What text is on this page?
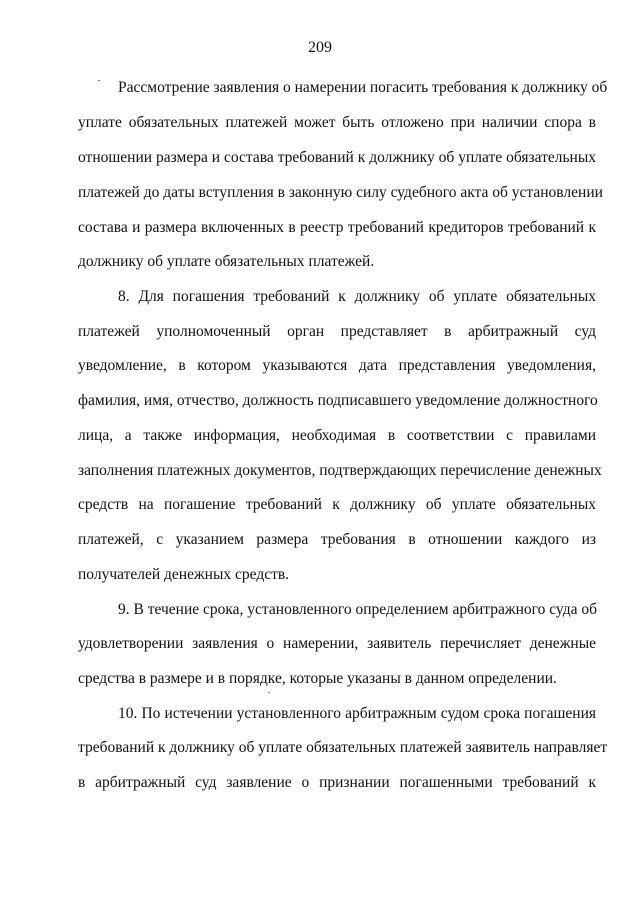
209
Рассмотрение заявления о намерении погасить требования к должнику об
уплате обязательных платежей может быть отложено при наличии спора в
отношении размера и состава требований к должнику об уплате обязательных
платежей до даты вступления в законную силу судебного акта об установлении
состава и размера включенных в реестр требований кредиторов требований к
должнику об уплате обязательных платежей.
8. Для погашения требований к должнику об уплате обязательных
платежей уполномоченный орган представляет в арбитражный суд
уведомление, в котором указываются дата представления уведомления,
фамилия, имя, отчество, должность подписавшего уведомление должностного
лица, а также информация, необходимая в соответствии с правилами
заполнения платежных документов, подтверждающих перечисление денежных
средств на погашение требований к должнику об уплате обязательных
платежей, с указанием размера требования в отношении каждого из
получателей денежных средств.
9. В течение срока, установленного определением арбитражного суда об
удовлетворении заявления о намерении, заявитель перечисляет денежные
средства в размере и в порядке, которые указаны в данном определении.
10. По истечении установленного арбитражным судом срока погашения
требований к должнику об уплате обязательных платежей заявитель направляет
в арбитражный суд заявление о признании погашенными требований к
